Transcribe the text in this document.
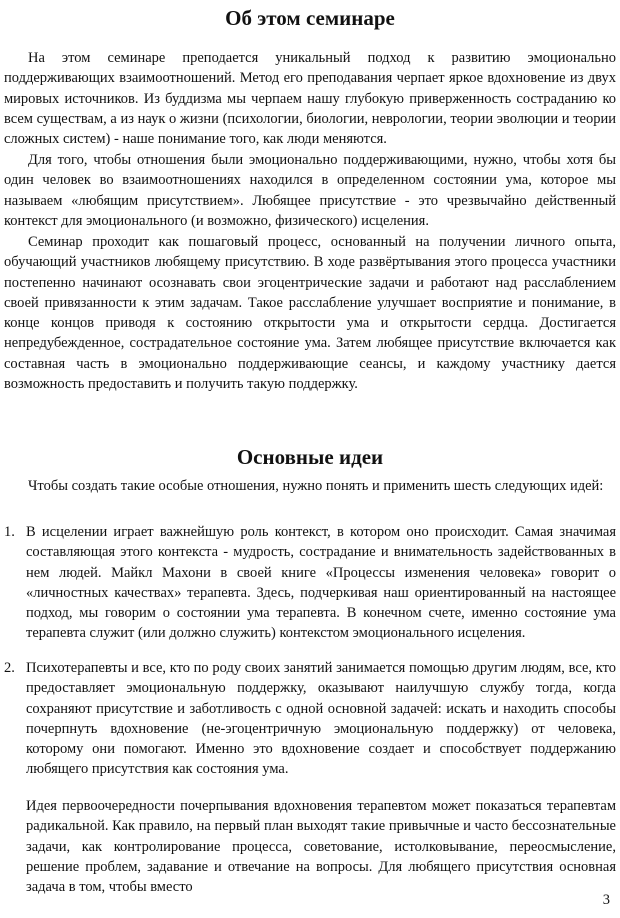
Об этом семинаре

На этом семинаре преподается уникальный подход к развитию эмоционально поддерживающих взаимоотношений. Метод его преподавания черпает яркое вдохновение из двух мировых источников. Из буддизма мы черпаем нашу глубокую приверженность состраданию ко всем существам, а из наук о жизни (психологии, биологии, неврологии, теории эволюции и теории сложных систем) - наше понимание того, как люди меняются.

Для того, чтобы отношения были эмоционально поддерживающими, нужно, чтобы хотя бы один человек во взаимоотношениях находился в определенном состоянии ума, которое мы называем «любящим присутствием». Любящее присутствие - это чрезвычайно действенный контекст для эмоционального (и возможно, физического) исцеления.

Семинар проходит как пошаговый процесс, основанный на получении личного опыта, обучающий участников любящему присутствию. В ходе развёртывания этого процесса участники постепенно начинают осознавать свои эгоцентрические задачи и работают над расслаблением своей привязанности к этим задачам. Такое расслабление улучшает восприятие и понимание, в конце концов приводя к состоянию открытости ума и открытости сердца. Достигается непредубежденное, сострадательное состояние ума. Затем любящее присутствие включается как составная часть в эмоционально поддерживающие сеансы, и каждому участнику дается возможность предоставить и получить такую поддержку.

Основные идеи

Чтобы создать такие особые отношения, нужно понять и применить шесть следующих идей:

1. В исцелении играет важнейшую роль контекст, в котором оно происходит. Самая значимая составляющая этого контекста - мудрость, сострадание и внимательность задействованных в нем людей. Майкл Махони в своей книге «Процессы изменения человека» говорит о «личностных качествах» терапевта. Здесь, подчеркивая наш ориентированный на настоящее подход, мы говорим о состоянии ума терапевта. В конечном счете, именно состояние ума терапевта служит (или должно служить) контекстом эмоционального исцеления.

2. Психотерапевты и все, кто по роду своих занятий занимается помощью другим людям, все, кто предоставляет эмоциональную поддержку, оказывают наилучшую службу тогда, когда сохраняют присутствие и заботливость с одной основной задачей: искать и находить способы почерпнуть вдохновение (не-эгоцентричную эмоциональную поддержку) от человека, которому они помогают. Именно это вдохновение создает и способствует поддержанию любящего присутствия как состояния ума.

Идея первоочередности почерпывания вдохновения терапевтом может показаться терапевтам радикальной. Как правило, на первый план выходят такие привычные и часто бессознательные задачи, как контролирование процесса, советование, истолковывание, переосмысление, решение проблем, задавание и отвечание на вопросы. Для любящего присутствия основная задача в том, чтобы вместо

3
